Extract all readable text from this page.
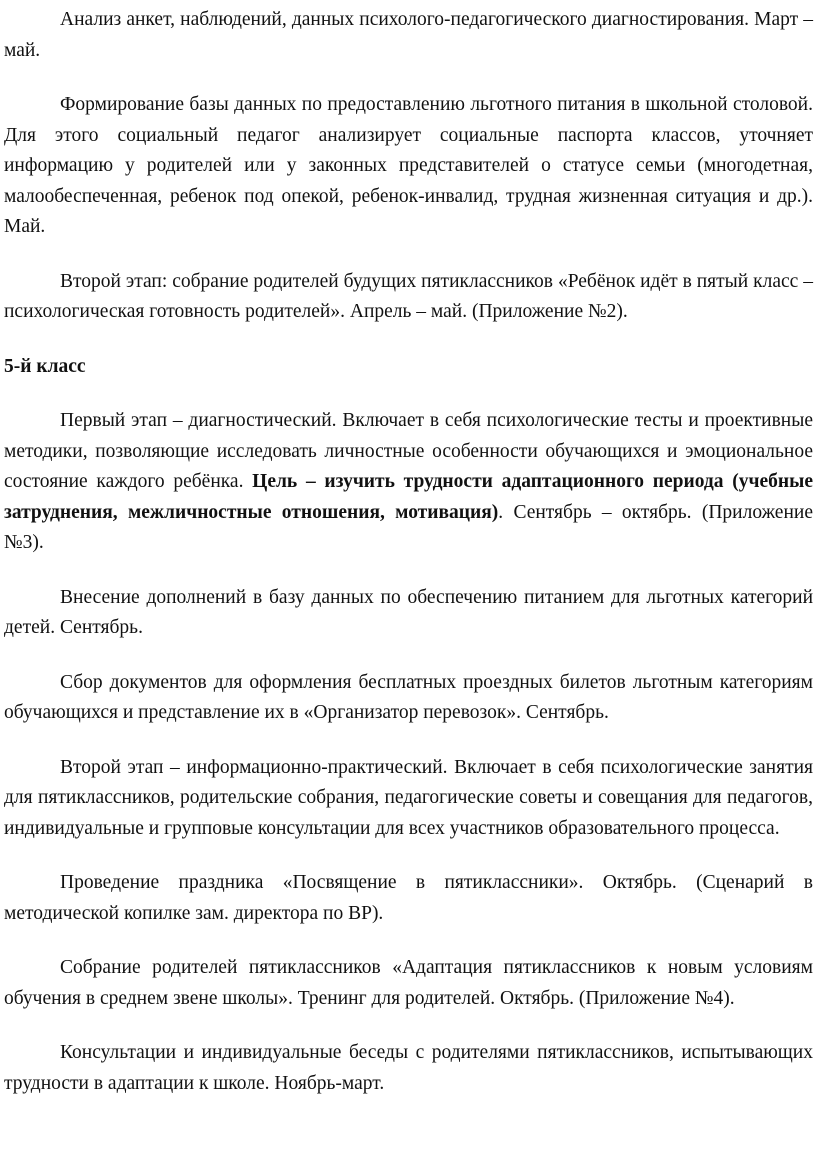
Анализ анкет, наблюдений, данных психолого-педагогического диагностирования. Март – май.

Формирование базы данных по предоставлению льготного питания в школьной столовой. Для этого социальный педагог анализирует социальные паспорта классов, уточняет информацию у родителей или у законных представителей о статусе семьи (многодетная, малообеспеченная, ребенок под опекой, ребенок-инвалид, трудная жизненная ситуация и др.). Май.

Второй этап: собрание родителей будущих пятиклассников «Ребёнок идёт в пятый класс – психологическая готовность родителей». Апрель – май. (Приложение №2).

5-й класс

Первый этап – диагностический. Включает в себя психологические тесты и проективные методики, позволяющие исследовать личностные особенности обучающихся и эмоциональное состояние каждого ребёнка. Цель – изучить трудности адаптационного периода (учебные затруднения, межличностные отношения, мотивация). Сентябрь – октябрь. (Приложение №3).

Внесение дополнений в базу данных по обеспечению питанием для льготных категорий детей. Сентябрь.

Сбор документов для оформления бесплатных проездных билетов льготным категориям обучающихся и представление их в «Организатор перевозок». Сентябрь.

Второй этап – информационно-практический. Включает в себя психологические занятия для пятиклассников, родительские собрания, педагогические советы и совещания для педагогов, индивидуальные и групповые консультации для всех участников образовательного процесса.

Проведение праздника «Посвящение в пятиклассники». Октябрь. (Сценарий в методической копилке зам. директора по ВР).

Собрание родителей пятиклассников «Адаптация пятиклассников к новым условиям обучения в среднем звене школы». Тренинг для родителей. Октябрь. (Приложение №4).

Консультации и индивидуальные беседы с родителями пятиклассников, испытывающих трудности в адаптации к школе. Ноябрь-март.
